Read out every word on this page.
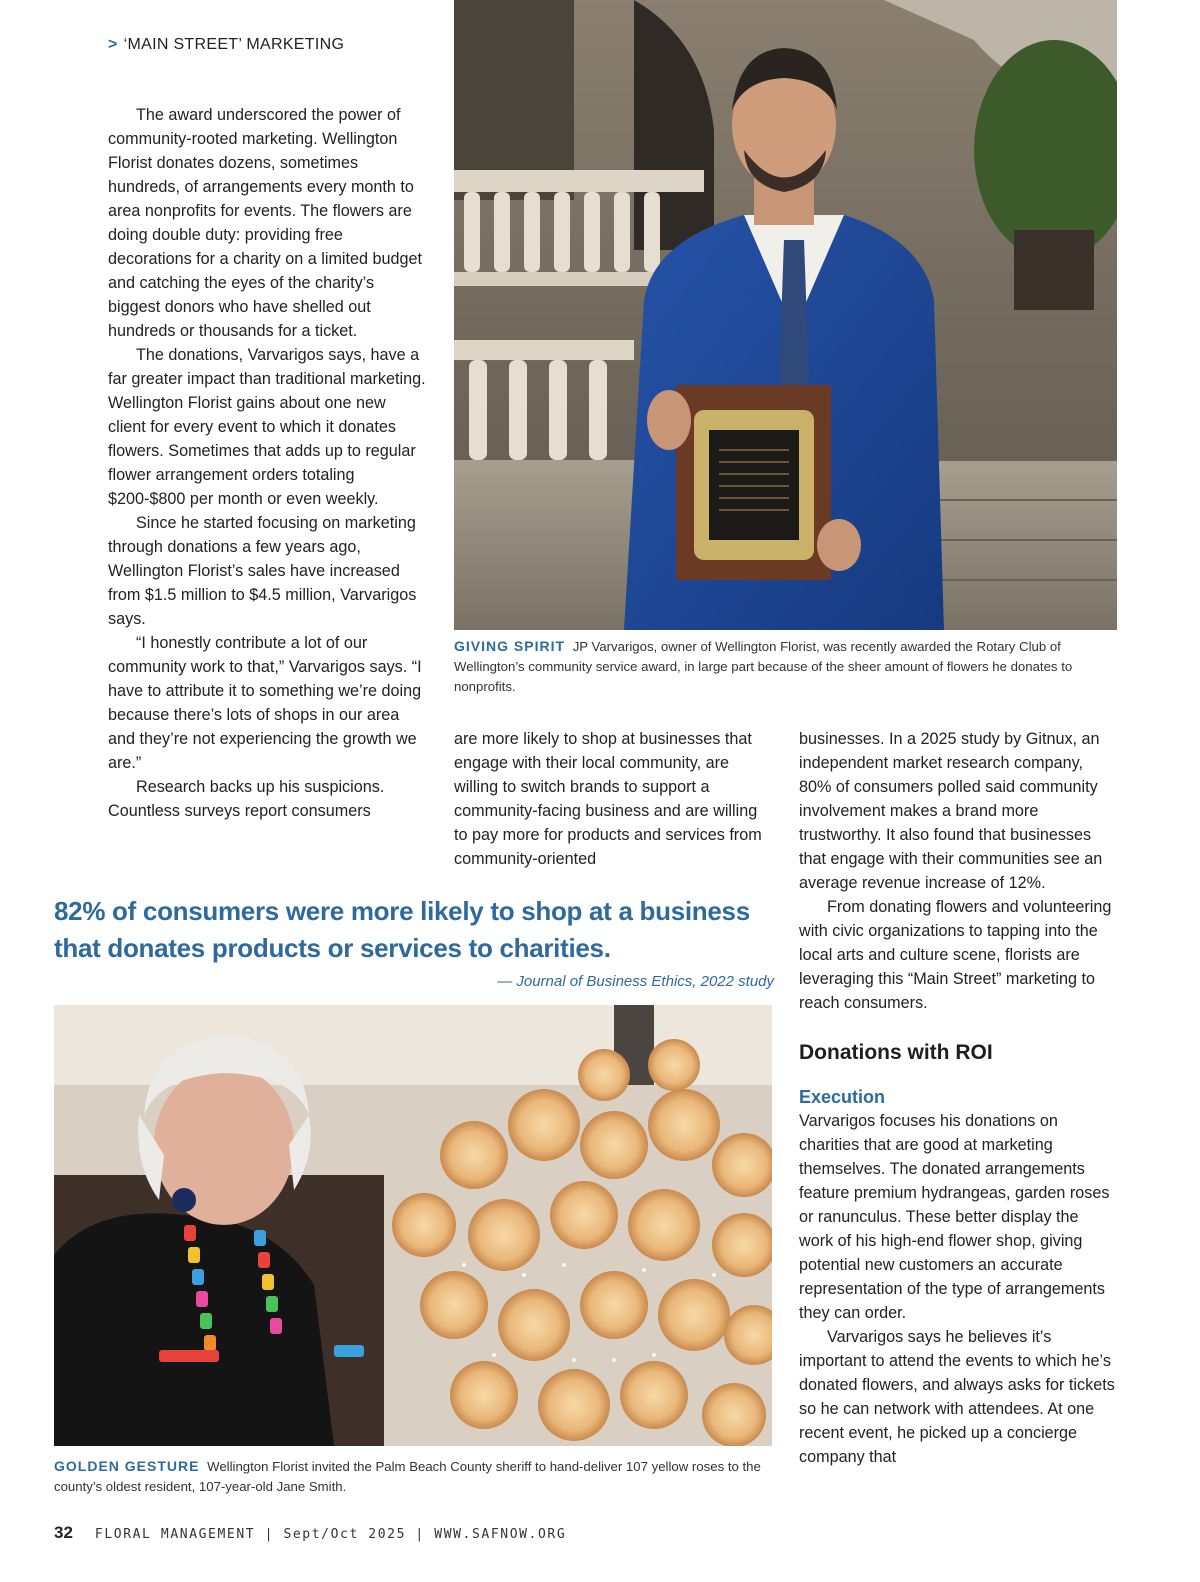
> ‘MAIN STREET’ MARKETING

The award underscored the power of community-rooted marketing. Wellington Florist donates dozens, sometimes hundreds, of arrangements every month to area nonprofits for events. The flowers are doing double duty: providing free decorations for a charity on a limited budget and catching the eyes of the charity’s biggest donors who have shelled out hundreds or thousands for a ticket.

The donations, Varvarigos says, have a far greater impact than traditional marketing. Wellington Florist gains about one new client for every event to which it donates flowers. Sometimes that adds up to regular flower arrangement orders totaling $200-$800 per month or even weekly.

Since he started focusing on marketing through donations a few years ago, Wellington Florist’s sales have increased from $1.5 million to $4.5 million, Varvarigos says.

“I honestly contribute a lot of our community work to that,” Varvarigos says. “I have to attribute it to something we’re doing because there’s lots of shops in our area and they’re not experiencing the growth we are.”

Research backs up his suspicions. Countless surveys report consumers

GIVING SPIRIT JP Varvarigos, owner of Wellington Florist, was recently awarded the Rotary Club of Wellington’s community service award, in large part because of the sheer amount of flowers he donates to nonprofits.

are more likely to shop at businesses that engage with their local community, are willing to switch brands to support a community-facing business and are willing to pay more for products and services from community-oriented

businesses. In a 2025 study by Gitnux, an independent market research company, 80% of consumers polled said community involvement makes a brand more trustworthy. It also found that businesses that engage with their communities see an average revenue increase of 12%.

From donating flowers and volunteering with civic organizations to tapping into the local arts and culture scene, florists are leveraging this “Main Street” marketing to reach consumers.

Donations with ROI
Execution

Varvarigos focuses his donations on charities that are good at marketing themselves. The donated arrangements feature premium hydrangeas, garden roses or ranunculus. These better display the work of his high-end flower shop, giving potential new customers an accurate representation of the type of arrangements they can order.

Varvarigos says he believes it’s important to attend the events to which he’s donated flowers, and always asks for tickets so he can network with attendees. At one recent event, he picked up a concierge company that

82% of consumers were more likely to shop at a business that donates products or services to charities.
— Journal of Business Ethics, 2022 study
GOLDEN GESTURE Wellington Florist invited the Palm Beach County sheriff to hand-deliver 107 yellow roses to the county’s oldest resident, 107-year-old Jane Smith.
32 FLORAL MANAGEMENT | Sept/Oct 2025 | WWW.SAFNOW.ORG
